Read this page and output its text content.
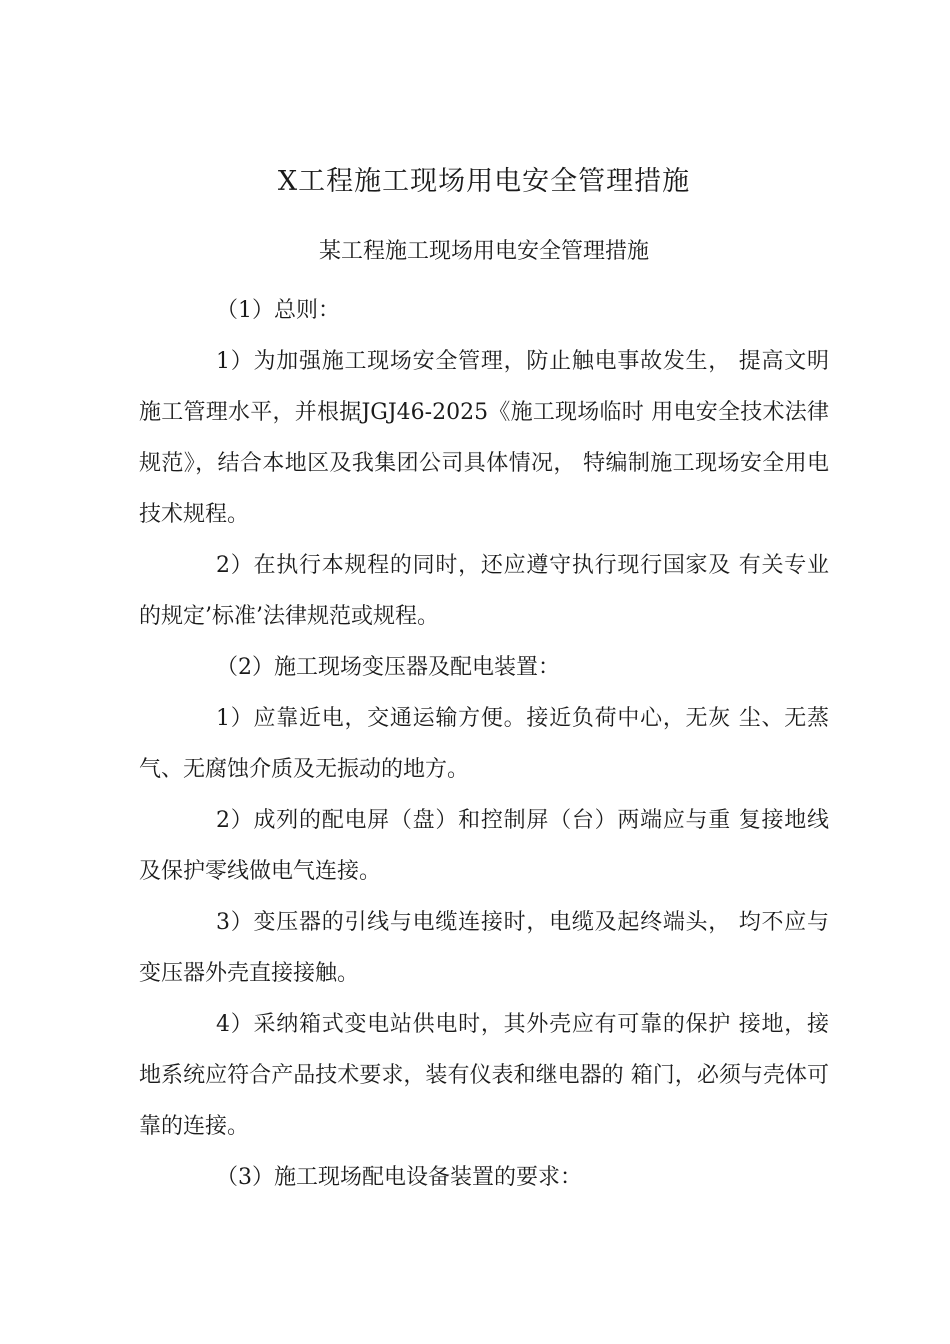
X工程施工现场用电安全管理措施
某工程施工现场用电安全管理措施

（1）总则：

1）为加强施工现场安全管理，防止触电事故发生， 提高文明施工管理水平，并根据JGJ46-2025《施工现场临时 用电安全技术法律规范》，结合本地区及我集团公司具体情况， 特编制施工现场安全用电技术规程。

2）在执行本规程的同时，还应遵守执行现行国家及 有关专业的规定’标准’法律规范或规程。

（2）施工现场变压器及配电装置：

1）应靠近电，交通运输方便。接近负荷中心，无灰 尘、无蒸气、无腐蚀介质及无振动的地方。

2）成列的配电屏（盘）和控制屏（台）两端应与重 复接地线及保护零线做电气连接。

3）变压器的引线与电缆连接时，电缆及起终端头， 均不应与变压器外壳直接接触。

4）采纳箱式变电站供电时，其外壳应有可靠的保护 接地，接地系统应符合产品技术要求，装有仪表和继电器的 箱门，必须与壳体可靠的连接。

（3）施工现场配电设备装置的要求：
